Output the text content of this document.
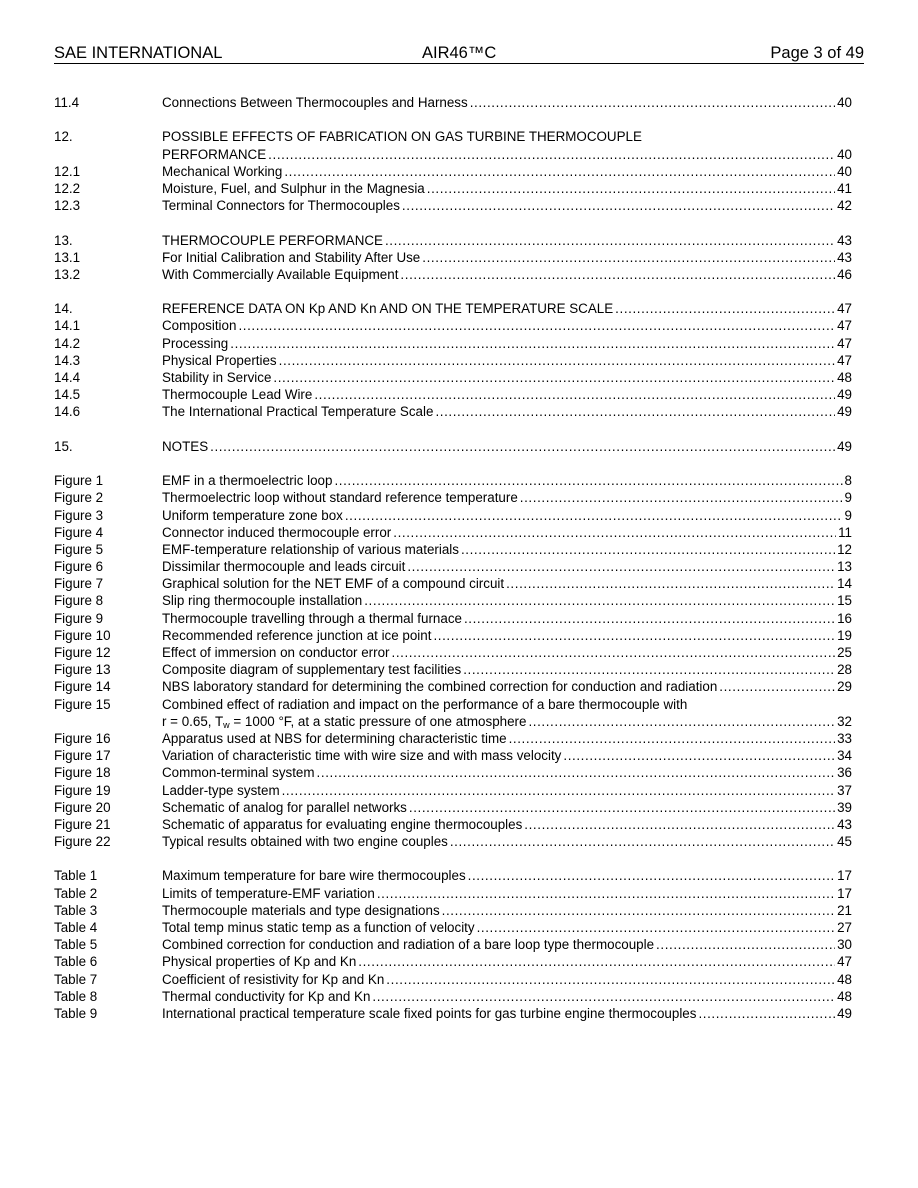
SAE INTERNATIONAL	AIR46™C	Page 3 of 49
11.4	Connections Between Thermocouples and Harness .....	40
12.	POSSIBLE EFFECTS OF FABRICATION ON GAS TURBINE THERMOCOUPLE
PERFORMANCE .....	40
12.1	Mechanical Working .....	40
12.2	Moisture, Fuel, and Sulphur in the Magnesia .....	41
12.3	Terminal Connectors for Thermocouples .....	42
13.	THERMOCOUPLE PERFORMANCE .....	43
13.1	For Initial Calibration and Stability After Use .....	43
13.2	With Commercially Available Equipment .....	46
14.	REFERENCE DATA ON Kp AND Kn AND ON THE TEMPERATURE SCALE .....	47
14.1	Composition .....	47
14.2	Processing .....	47
14.3	Physical Properties .....	47
14.4	Stability in Service .....	48
14.5	Thermocouple Lead Wire .....	49
14.6	The International Practical Temperature Scale .....	49
15.	NOTES .....	49
Figure 1	EMF in a thermoelectric loop .....	8
Figure 2	Thermoelectric loop without standard reference temperature .....	9
Figure 3	Uniform temperature zone box .....	9
Figure 4	Connector induced thermocouple error .....	11
Figure 5	EMF-temperature relationship of various materials .....	12
Figure 6	Dissimilar thermocouple and leads circuit .....	13
Figure 7	Graphical solution for the NET EMF of a compound circuit .....	14
Figure 8	Slip ring thermocouple installation .....	15
Figure 9	Thermocouple travelling through a thermal furnace .....	16
Figure 10	Recommended reference junction at ice point .....	19
Figure 12	Effect of immersion on conductor error .....	25
Figure 13	Composite diagram of supplementary test facilities .....	28
Figure 14	NBS laboratory standard for determining the combined correction for conduction and radiation .....	29
Figure 15	Combined effect of radiation and impact on the performance of a bare thermocouple with
r = 0.65, $T_w = 1000$ °F, at a static pressure of one atmosphere .....	32
Figure 16	Apparatus used at NBS for determining characteristic time .....	33
Figure 17	Variation of characteristic time with wire size and with mass velocity .....	34
Figure 18	Common-terminal system .....	36
Figure 19	Ladder-type system .....	37
Figure 20	Schematic of analog for parallel networks .....	39
Figure 21	Schematic of apparatus for evaluating engine thermocouples .....	43
Figure 22	Typical results obtained with two engine couples .....	45
Table 1	Maximum temperature for bare wire thermocouples .....	17
Table 2	Limits of temperature-EMF variation .....	17
Table 3	Thermocouple materials and type designations .....	21
Table 4	Total temp minus static temp as a function of velocity .....	27
Table 5	Combined correction for conduction and radiation of a bare loop type thermocouple .....	30
Table 6	Physical properties of Kp and Kn .....	47
Table 7	Coefficient of resistivity for Kp and Kn .....	48
Table 8	Thermal conductivity for Kp and Kn .....	48
Table 9	International practical temperature scale fixed points for gas turbine engine thermocouples .....	49
